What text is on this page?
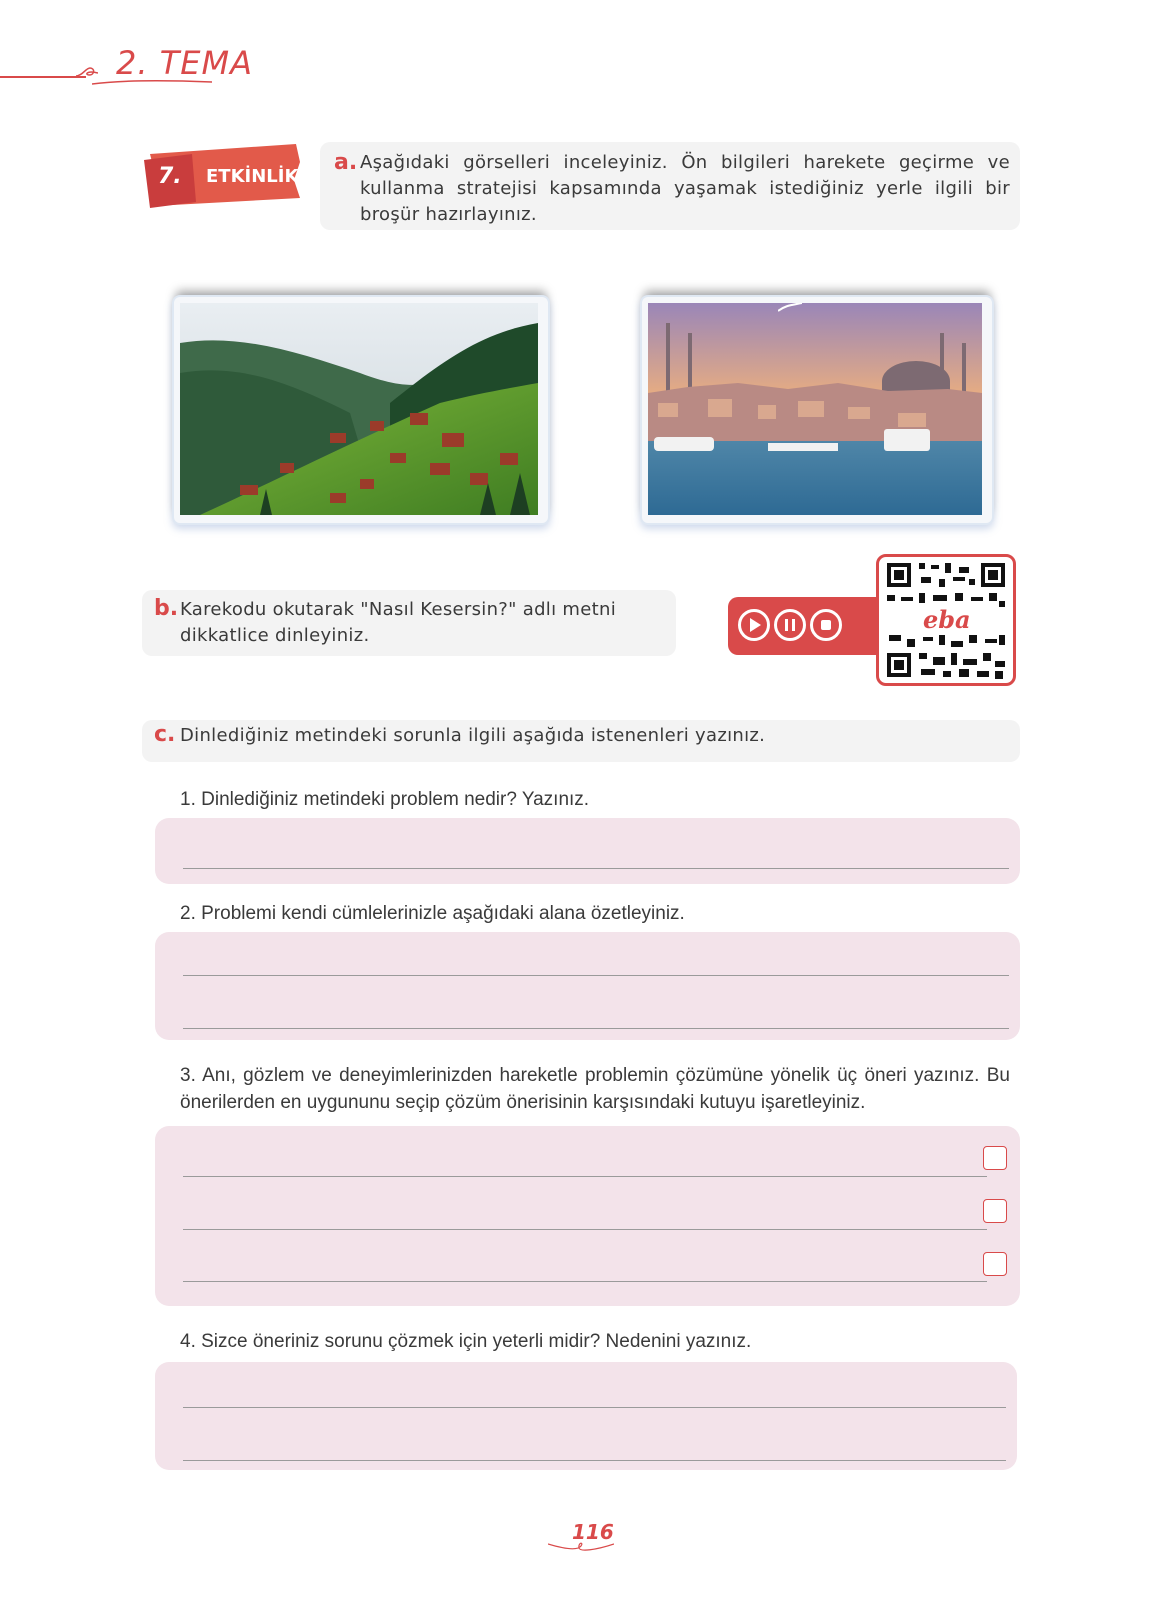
2. TEMA
7. ETKİNLİK
a. Aşağıdaki görselleri inceleyiniz. Ön bilgileri harekete geçirme ve kullanma stratejisi kapsamında yaşamak istediğiniz yerle ilgili bir broşür hazırlayınız.
b. Karekodu okutarak "Nasıl Kesersin?" adlı metni dikkatlice dinleyiniz.
eba
c. Dinlediğiniz metindeki sorunla ilgili aşağıda istenenleri yazınız.
1. Dinlediğiniz metindeki problem nedir? Yazınız.
2. Problemi kendi cümlelerinizle aşağıdaki alana özetleyiniz.
3. Anı, gözlem ve deneyimlerinizden hareketle problemin çözümüne yönelik üç öneri yazınız. Bu önerilerden en uygununu seçip çözüm önerisinin karşısındaki kutuyu işaretleyiniz.
4. Sizce öneriniz sorunu çözmek için yeterli midir? Nedenini yazınız.
116
